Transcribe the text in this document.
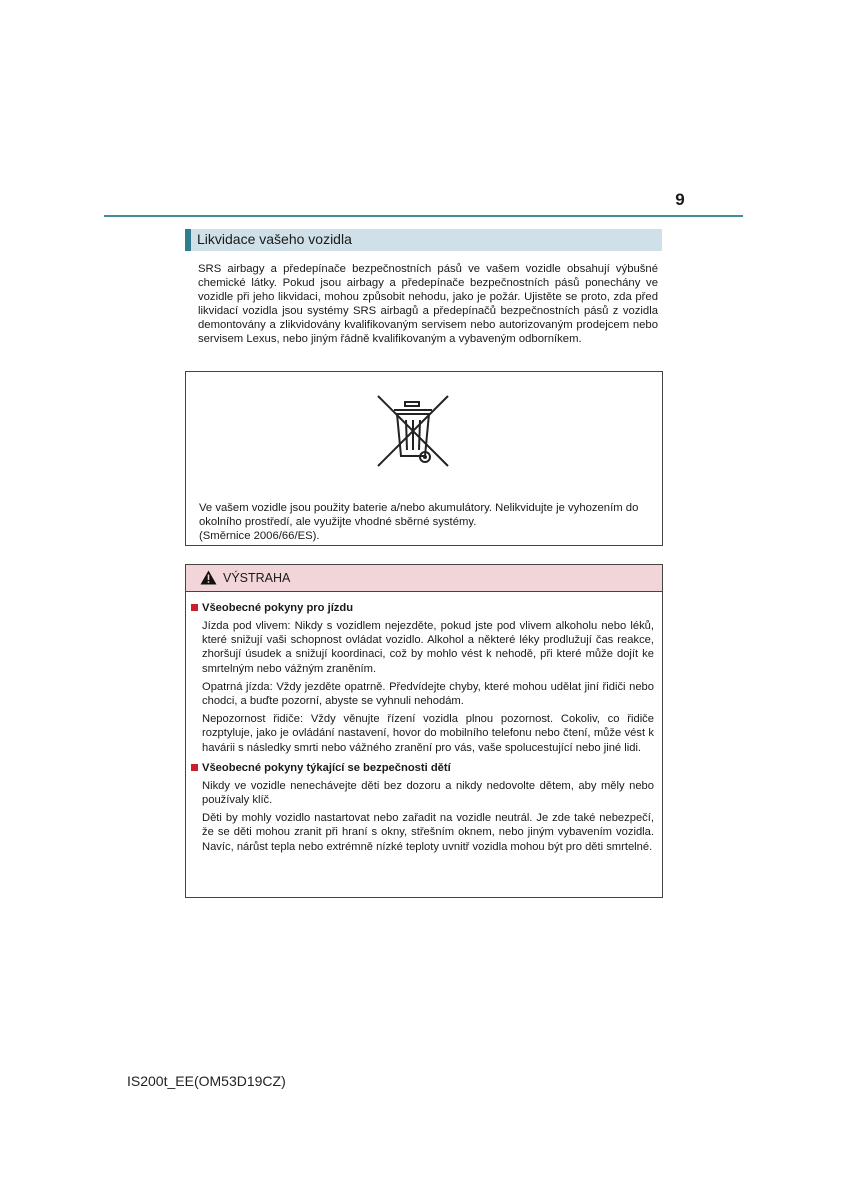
9
Likvidace vašeho vozidla
SRS airbagy a předepínače bezpečnostních pásů ve vašem vozidle obsahují výbušné chemické látky. Pokud jsou airbagy a předepínače bezpečnostních pásů ponechány ve vozidle při jeho likvidaci, mohou způsobit nehodu, jako je požár. Ujistěte se proto, zda před likvidací vozidla jsou systémy SRS airbagů a předepínačů bezpečnostních pásů z vozidla demontovány a zlikvidovány kvalifikovaným servisem nebo autorizovaným prodejcem nebo servisem Lexus, nebo jiným řádně kvalifikovaným a vybaveným odborníkem.
Ve vašem vozidle jsou použity baterie a/nebo akumulátory. Nelikvidujte je vyhozením do okolního prostředí, ale využijte vhodné sběrné systémy.
(Směrnice 2006/66/ES).
VÝSTRAHA
Všeobecné pokyny pro jízdu

Jízda pod vlivem: Nikdy s vozidlem nejezděte, pokud jste pod vlivem alkoholu nebo léků, které snižují vaši schopnost ovládat vozidlo. Alkohol a některé léky prodlužují čas reakce, zhoršují úsudek a snižují koordinaci, což by mohlo vést k nehodě, při které může dojít ke smrtelným nebo vážným zraněním.

Opatrná jízda: Vždy jezděte opatrně. Předvídejte chyby, které mohou udělat jiní řidiči nebo chodci, a buďte pozorní, abyste se vyhnuli nehodám.

Nepozornost řidiče: Vždy věnujte řízení vozidla plnou pozornost. Cokoliv, co řidiče rozptyluje, jako je ovládání nastavení, hovor do mobilního telefonu nebo čtení, může vést k havárii s následky smrti nebo vážného zranění pro vás, vaše spolucestující nebo jiné lidi.

Všeobecné pokyny týkající se bezpečnosti dětí

Nikdy ve vozidle nenechávejte děti bez dozoru a nikdy nedovolte dětem, aby měly nebo používaly klíč.

Děti by mohly vozidlo nastartovat nebo zařadit na vozidle neutrál. Je zde také nebezpečí, že se děti mohou zranit při hraní s okny, střešním oknem, nebo jiným vybavením vozidla. Navíc, nárůst tepla nebo extrémně nízké teploty uvnitř vozidla mohou být pro děti smrtelné.

IS200t_EE(OM53D19CZ)
